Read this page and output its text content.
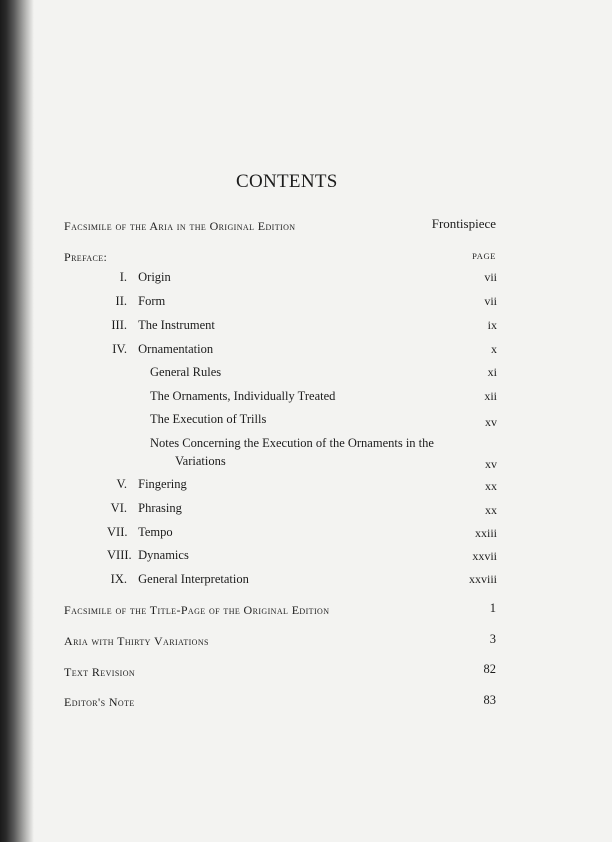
CONTENTS
Facsimile of the Aria in the Original Edition	Frontispiece
Preface:	PAGE
I. Origin	vii
II. Form	vii
III. The Instrument	ix
IV. Ornamentation	x
General Rules	xi
The Ornaments, Individually Treated	xii
The Execution of Trills	xv
Notes Concerning the Execution of the Ornaments in the
Variations	xv
V. Fingering	xx
VI. Phrasing	xx
VII. Tempo	xxiii
VIII. Dynamics	xxvii
IX. General Interpretation	xxviii
Facsimile of the Title-Page of the Original Edition	1
Aria with Thirty Variations	3
Text Revision	82
Editor's Note	83
